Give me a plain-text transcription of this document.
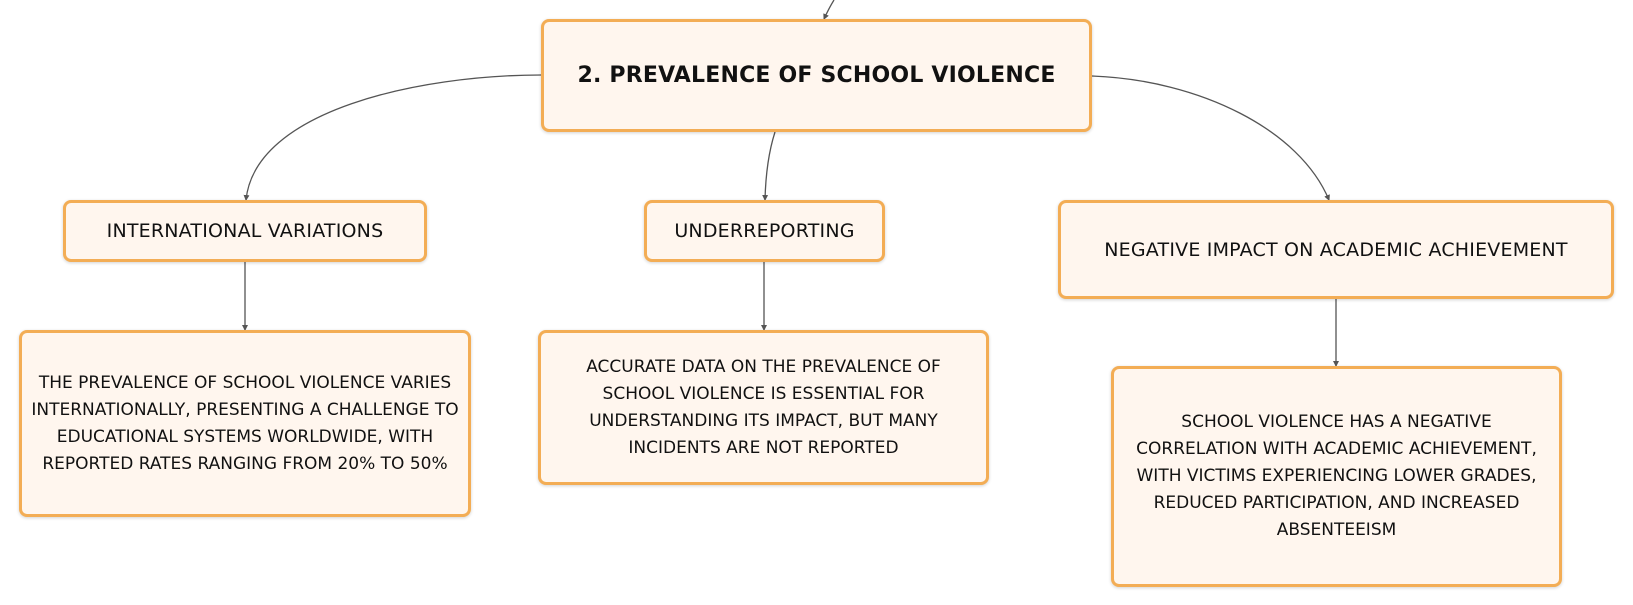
2. PREVALENCE OF SCHOOL VIOLENCE
INTERNATIONAL VARIATIONS	UNDERREPORTING
NEGATIVE IMPACT ON ACADEMIC ACHIEVEMENT
THE PREVALENCE OF SCHOOL VIOLENCE VARIES INTERNATIONALLY, PRESENTING A CHALLENGE TO EDUCATIONAL SYSTEMS WORLDWIDE, WITH REPORTED RATES RANGING FROM 20% TO 50%
ACCURATE DATA ON THE PREVALENCE OF SCHOOL VIOLENCE IS ESSENTIAL FOR UNDERSTANDING ITS IMPACT, BUT MANY INCIDENTS ARE NOT REPORTED
SCHOOL VIOLENCE HAS A NEGATIVE CORRELATION WITH ACADEMIC ACHIEVEMENT, WITH VICTIMS EXPERIENCING LOWER GRADES, REDUCED PARTICIPATION, AND INCREASED ABSENTEEISM
